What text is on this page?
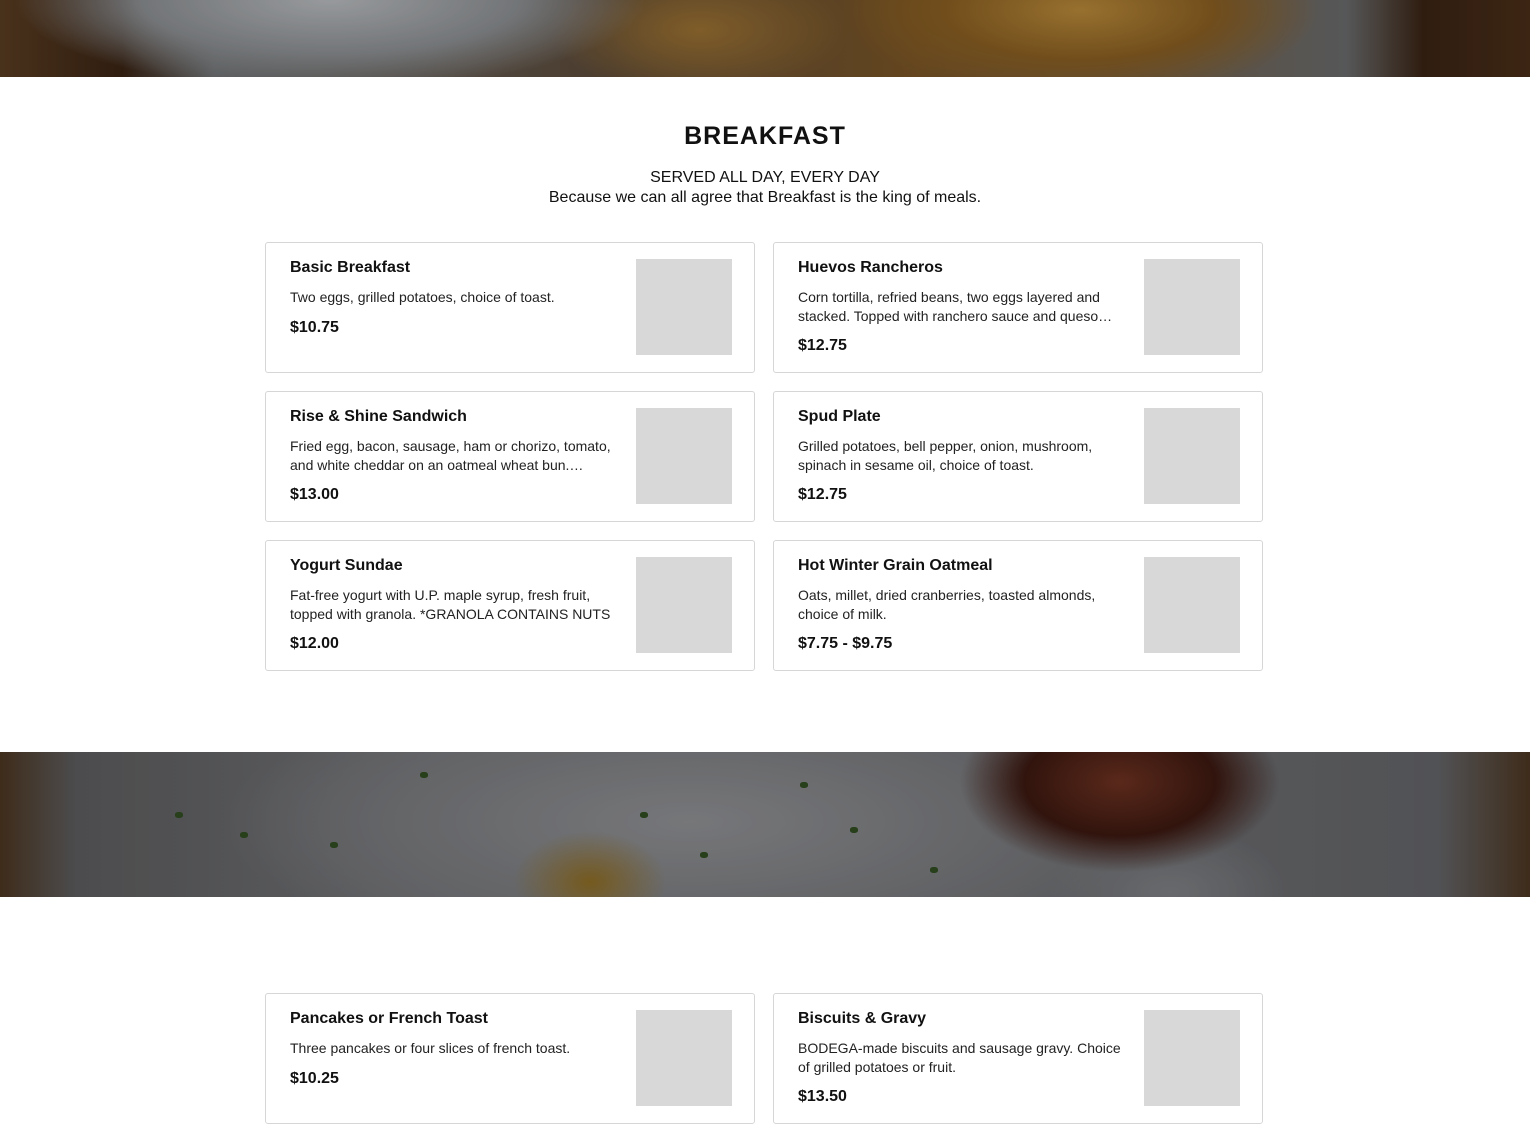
BREAKFAST
SERVED ALL DAY, EVERY DAY
Because we can all agree that Breakfast is the king of meals.
Basic Breakfast
Two eggs, grilled potatoes, choice of toast.
$10.75
Huevos Rancheros
Corn tortilla, refried beans, two eggs layered and stacked. Topped with ranchero sauce and queso…
$12.75
Rise & Shine Sandwich
Fried egg, bacon, sausage, ham or chorizo, tomato, and white cheddar on an oatmeal wheat bun.…
$13.00
Spud Plate
Grilled potatoes, bell pepper, onion, mushroom, spinach in sesame oil, choice of toast.
$12.75
Yogurt Sundae
Fat-free yogurt with U.P. maple syrup, fresh fruit, topped with granola. *GRANOLA CONTAINS NUTS
$12.00
Hot Winter Grain Oatmeal
Oats, millet, dried cranberries, toasted almonds, choice of milk.
$7.75 - $9.75
Pancakes or French Toast
Three pancakes or four slices of french toast.
$10.25
Biscuits & Gravy
BODEGA-made biscuits and sausage gravy. Choice of grilled potatoes or fruit.
$13.50
